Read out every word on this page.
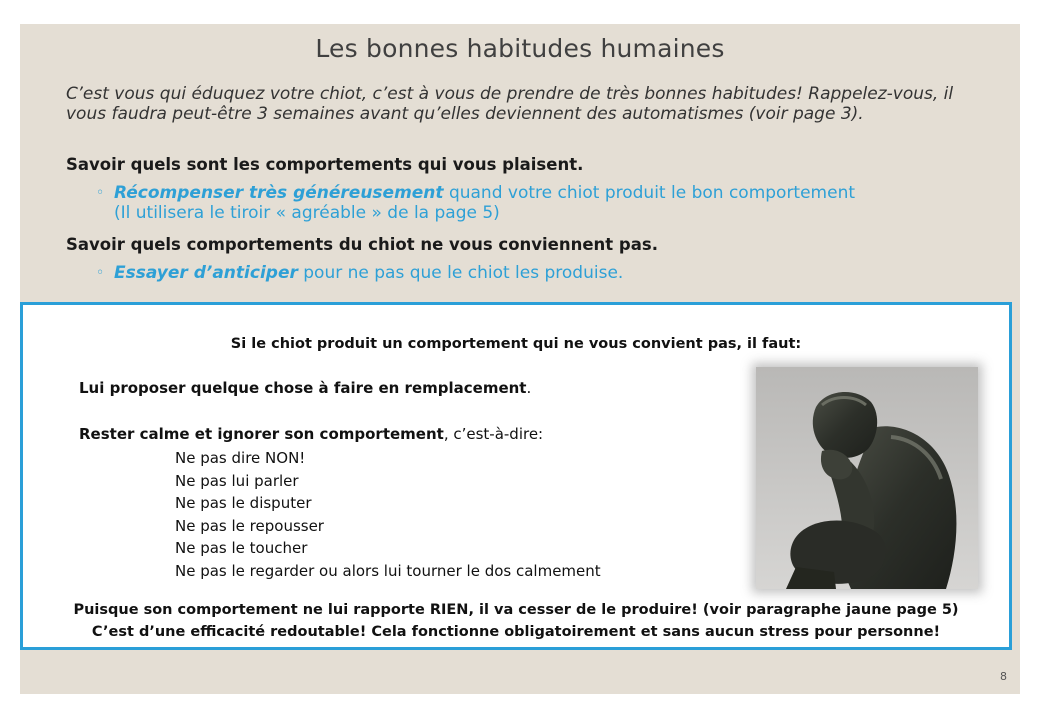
Les bonnes habitudes humaines
C’est vous qui éduquez votre chiot, c’est à vous de prendre de très bonnes habitudes! Rappelez-vous, il vous faudra peut-être 3 semaines avant qu’elles deviennent des automatismes (voir page 3).
Savoir quels sont les comportements qui vous plaisent.
◦ Récompenser très généreusement quand votre chiot produit le bon comportement (Il utilisera le tiroir « agréable » de la page 5)
Savoir quels comportements du chiot ne vous conviennent pas.
◦ Essayer d’anticiper pour ne pas que le chiot les produise.
Si le chiot produit un comportement qui ne vous convient pas, il faut:
Lui proposer quelque chose à faire en remplacement.
Rester calme et ignorer son comportement, c’est-à-dire:
Ne pas dire NON!
Ne pas lui parler
Ne pas le disputer
Ne pas le repousser
Ne pas le toucher
Ne pas le regarder ou alors lui tourner le dos calmement
Puisque son comportement ne lui rapporte RIEN, il va cesser de le produire! (voir paragraphe jaune page 5)
C’est d’une efficacité redoutable! Cela fonctionne obligatoirement et sans aucun stress pour personne!
8
